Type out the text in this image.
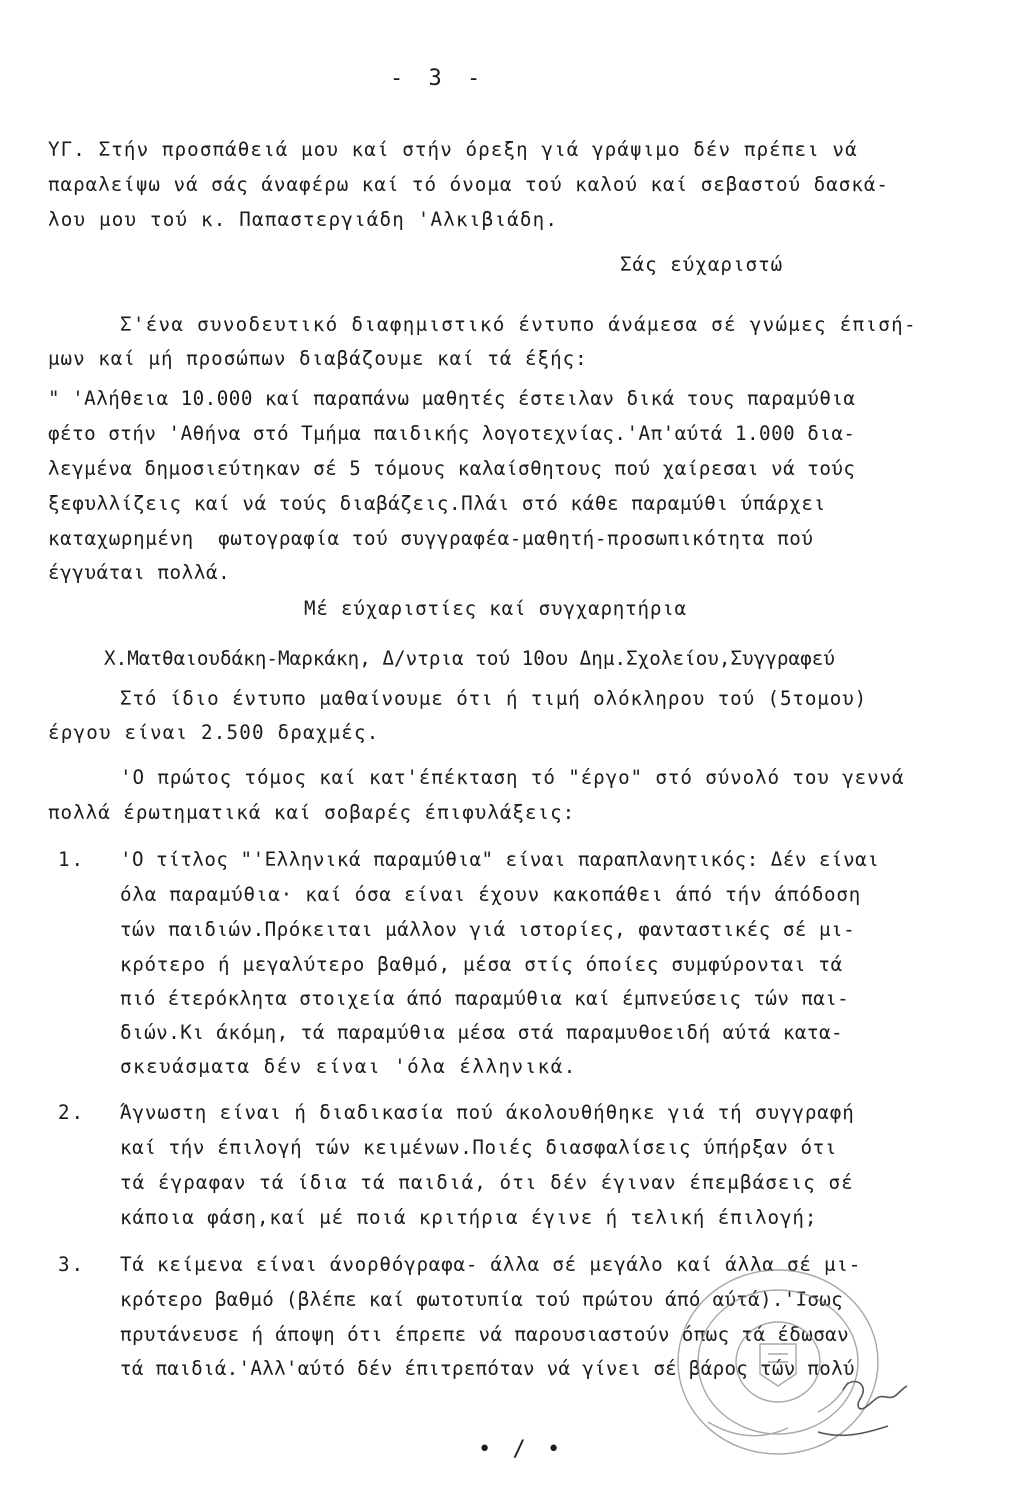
- 3 -
ΥΓ. Στήν προσπάθειά μου καί στήν όρεξη γιά γράψιμο δέν πρέπει νά
παραλείψω νά σάς άναφέρω καί τό όνομα τού καλού καί σεβαστού δασκά-
λου μου τού κ. Παπαστεργιάδη 'Αλκιβιάδη.
Σάς εύχαριστώ
Σ'ένα συνοδευτικό διαφημιστικό έντυπο άνάμεσα σέ γνώμες έπισή-
μων καί μή προσώπων διαβάζουμε καί τά έξής:
" 'Αλήθεια 10.000 καί παραπάνω μαθητές έστειλαν δικά τους παραμύθια
φέτο στήν 'Αθήνα στό Τμήμα παιδικής λογοτεχνίας.'Απ'αύτά 1.000 δια-
λεγμένα δημοσιεύτηκαν σέ 5 τόμους καλαίσθητους πού χαίρεσαι νά τούς
ξεφυλλίζεις καί νά τούς διαβάζεις.Πλάι στό κάθε παραμύθι ύπάρχει
καταχωρημένη  φωτογραφία τού συγγραφέα-μαθητή-προσωπικότητα πού
έγγυάται πολλά.
Μέ εύχαριστίες καί συγχαρητήρια
Χ.Ματθαιουδάκη-Μαρκάκη, Δ/ντρια τού 10ου Δημ.Σχολείου,Συγγραφεύ
Στό ίδιο έντυπο μαθαίνουμε ότι ή τιμή ολόκληρου τού (5τομου)
έργου είναι 2.500 δραχμές.
'Ο πρώτος τόμος καί κατ'έπέκταση τό "έργο" στό σύνολό του γεννά
πολλά έρωτηματικά καί σοβαρές έπιφυλάξεις:
1. 'Ο τίτλος "'Ελληνικά παραμύθια" είναι παραπλανητικός: Δέν είναι
όλα παραμύθια· καί όσα είναι έχουν κακοπάθει άπό τήν άπόδοση
τών παιδιών.Πρόκειται μάλλον γιά ιστορίες, φανταστικές σέ μι-
κρότερο ή μεγαλύτερο βαθμό, μέσα στίς όποίες συμφύρονται τά
πιό έτερόκλητα στοιχεία άπό παραμύθια καί έμπνεύσεις τών παι-
διών.Κι άκόμη, τά παραμύθια μέσα στά παραμυθοειδή αύτά κατα-
σκευάσματα δέν είναι 'όλα έλληνικά.
2. Άγνωστη είναι ή διαδικασία πού άκολουθήθηκε γιά τή συγγραφή
καί τήν έπιλογή τών κειμένων.Ποιές διασφαλίσεις ύπήρξαν ότι
τά έγραφαν τά ίδια τά παιδιά, ότι δέν έγιναν έπεμβάσεις σέ
κάποια φάση,καί μέ ποιά κριτήρια έγινε ή τελική έπιλογή;
3. Τά κείμενα είναι άνορθόγραφα- άλλα σέ μεγάλο καί άλλα σέ μι-
κρότερο βαθμό (βλέπε καί φωτοτυπία τού πρώτου άπό αύτά).'Ισως
πρυτάνευσε ή άποψη ότι έπρεπε νά παρουσιαστούν όπως τά έδωσαν
τά παιδιά.'Αλλ'αύτό δέν έπιτρεπόταν νά γίνει σέ βάρος τών πολύ
• / •
